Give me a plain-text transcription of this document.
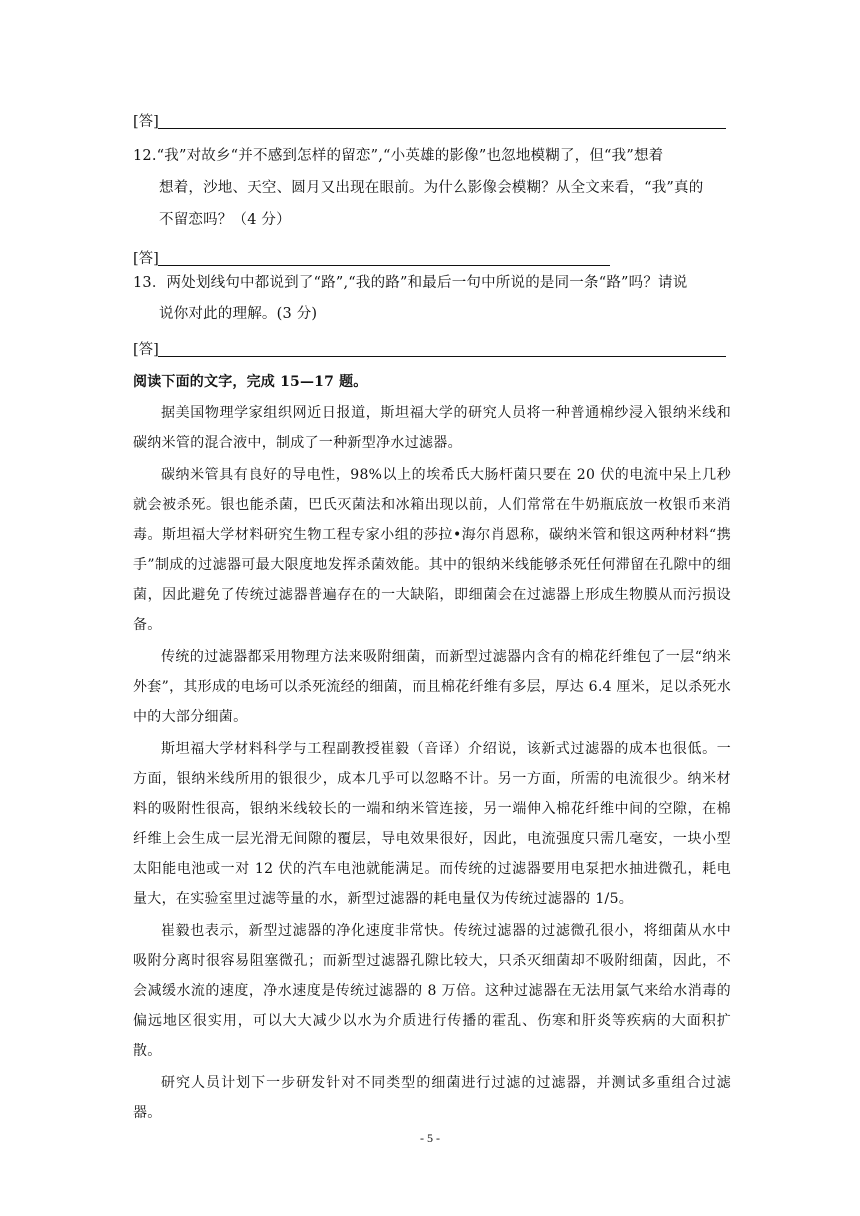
[答]
12.“我”对故乡“并不感到怎样的留恋”,“小英雄的影像”也忽地模糊了，但“我”想着
想着，沙地、天空、圆月又出现在眼前。为什么影像会模糊？从全文来看，“我”真的
不留恋吗？（4 分）
[答]
13．两处划线句中都说到了“路”,“我的路”和最后一句中所说的是同一条“路”吗？请说
说你对此的理解。(3 分)
[答]
阅读下面的文字，完成 15—17 题。

据美国物理学家组织网近日报道，斯坦福大学的研究人员将一种普通棉纱浸入银纳米线和碳纳米管的混合液中，制成了一种新型净水过滤器。

碳纳米管具有良好的导电性，98%以上的埃希氏大肠杆菌只要在 20 伏的电流中呆上几秒就会被杀死。银也能杀菌，巴氏灭菌法和冰箱出现以前，人们常常在牛奶瓶底放一枚银币来消毒。斯坦福大学材料研究生物工程专家小组的莎拉•海尔肖恩称，碳纳米管和银这两种材料“携手”制成的过滤器可最大限度地发挥杀菌效能。其中的银纳米线能够杀死任何滞留在孔隙中的细菌，因此避免了传统过滤器普遍存在的一大缺陷，即细菌会在过滤器上形成生物膜从而污损设备。

传统的过滤器都采用物理方法来吸附细菌，而新型过滤器内含有的棉花纤维包了一层“纳米外套”，其形成的电场可以杀死流经的细菌，而且棉花纤维有多层，厚达 6.4 厘米，足以杀死水中的大部分细菌。

斯坦福大学材料科学与工程副教授崔毅（音译）介绍说，该新式过滤器的成本也很低。一方面，银纳米线所用的银很少，成本几乎可以忽略不计。另一方面，所需的电流很少。纳米材料的吸附性很高，银纳米线较长的一端和纳米管连接，另一端伸入棉花纤维中间的空隙，在棉纤维上会生成一层光滑无间隙的覆层，导电效果很好，因此，电流强度只需几毫安，一块小型太阳能电池或一对 12 伏的汽车电池就能满足。而传统的过滤器要用电泵把水抽进微孔，耗电量大，在实验室里过滤等量的水，新型过滤器的耗电量仅为传统过滤器的 1/5。

崔毅也表示，新型过滤器的净化速度非常快。传统过滤器的过滤微孔很小，将细菌从水中吸附分离时很容易阻塞微孔；而新型过滤器孔隙比较大，只杀灭细菌却不吸附细菌，因此，不会减缓水流的速度，净水速度是传统过滤器的 8 万倍。这种过滤器在无法用氯气来给水消毒的偏远地区很实用，可以大大减少以水为介质进行传播的霍乱、伤寒和肝炎等疾病的大面积扩散。

研究人员计划下一步研发针对不同类型的细菌进行过滤的过滤器，并测试多重组合过滤器。

- 5 -
